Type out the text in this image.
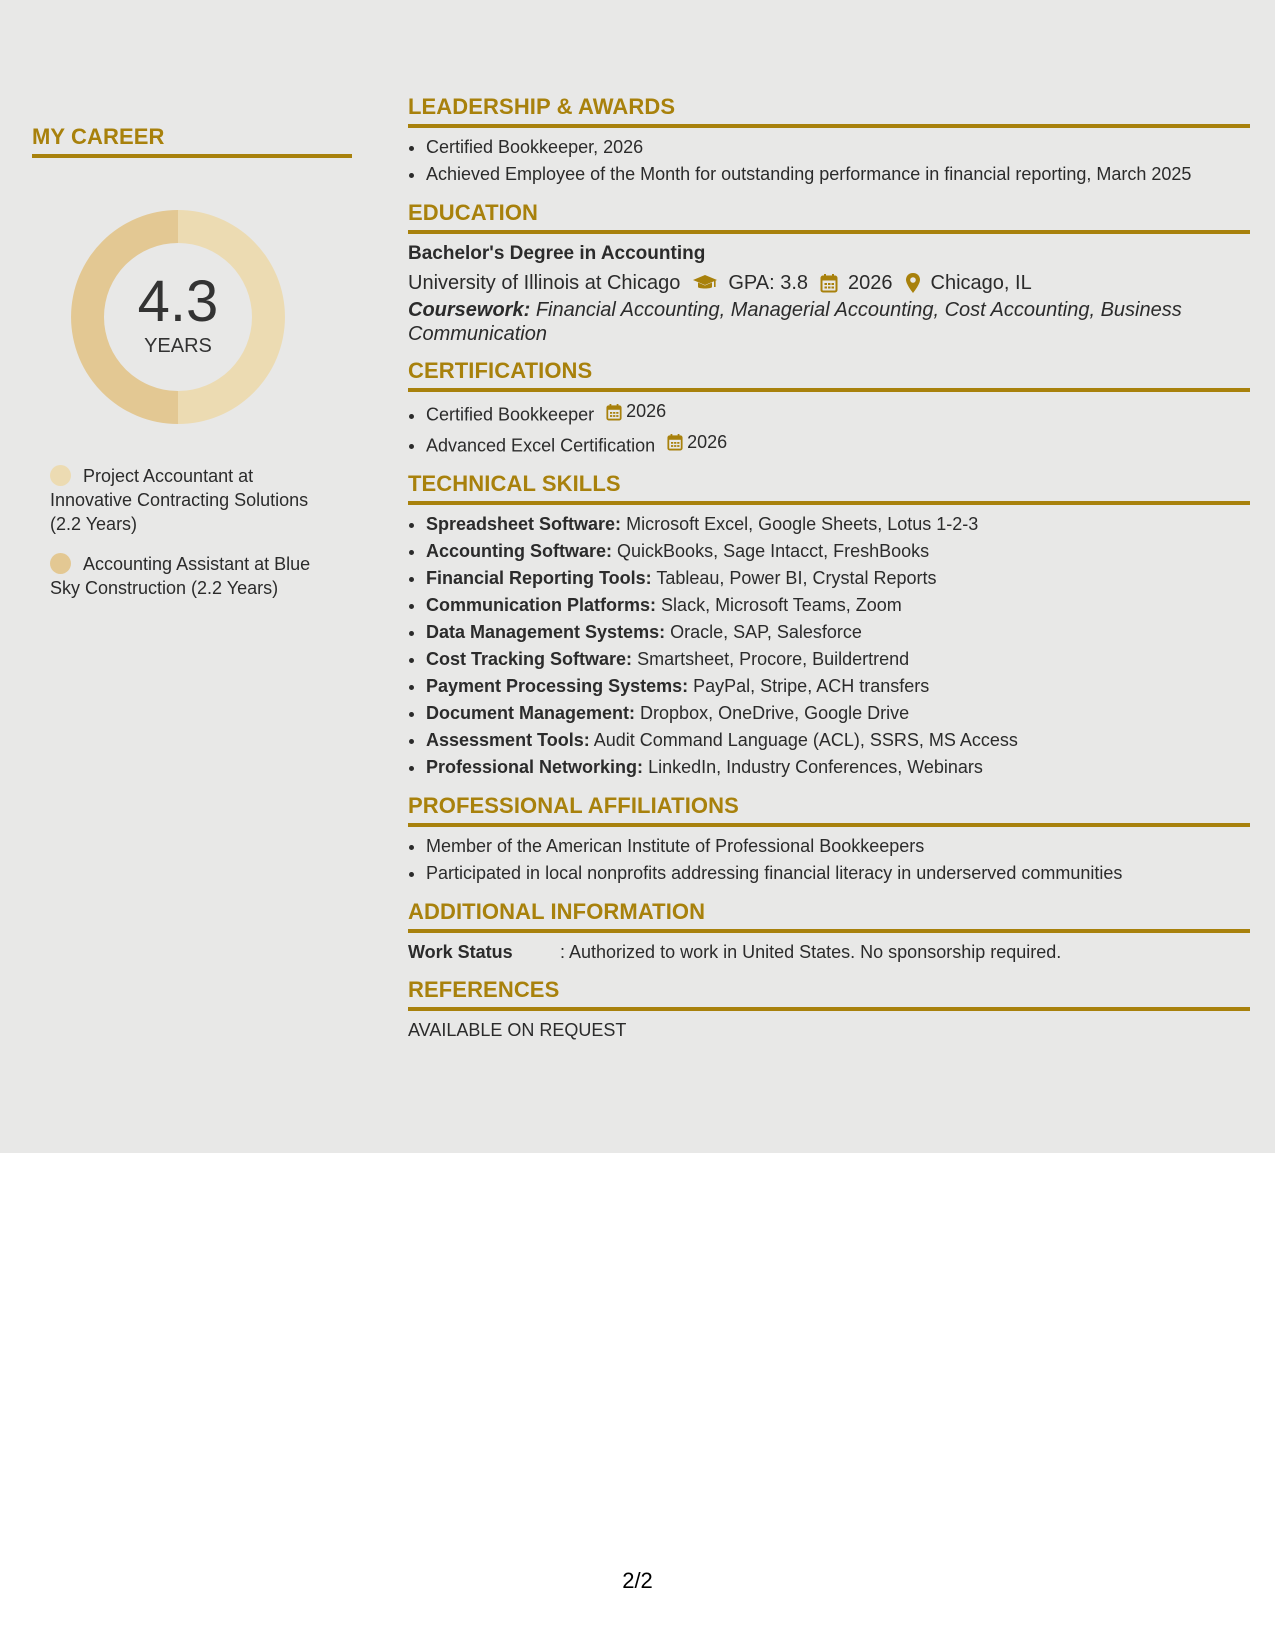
MY CAREER
4.3
YEARS
Project Accountant at Innovative Contracting Solutions (2.2 Years)
Accounting Assistant at Blue Sky Construction (2.2 Years)
LEADERSHIP & AWARDS
• Certified Bookkeeper, 2026
• Achieved Employee of the Month for outstanding performance in financial reporting, March 2025
EDUCATION
Bachelor's Degree in Accounting
University of Illinois at Chicago GPA: 3.8 2026 Chicago, IL
Coursework: Financial Accounting, Managerial Accounting, Cost Accounting, Business Communication
CERTIFICATIONS
• Certified Bookkeeper 2026
• Advanced Excel Certification 2026
TECHNICAL SKILLS
• Spreadsheet Software: Microsoft Excel, Google Sheets, Lotus 1-2-3
• Accounting Software: QuickBooks, Sage Intacct, FreshBooks
• Financial Reporting Tools: Tableau, Power BI, Crystal Reports
• Communication Platforms: Slack, Microsoft Teams, Zoom
• Data Management Systems: Oracle, SAP, Salesforce
• Cost Tracking Software: Smartsheet, Procore, Buildertrend
• Payment Processing Systems: PayPal, Stripe, ACH transfers
• Document Management: Dropbox, OneDrive, Google Drive
• Assessment Tools: Audit Command Language (ACL), SSRS, MS Access
• Professional Networking: LinkedIn, Industry Conferences, Webinars
PROFESSIONAL AFFILIATIONS
• Member of the American Institute of Professional Bookkeepers
• Participated in local nonprofits addressing financial literacy in underserved communities
ADDITIONAL INFORMATION
Work Status	: Authorized to work in United States. No sponsorship required.
REFERENCES
AVAILABLE ON REQUEST
2/2
